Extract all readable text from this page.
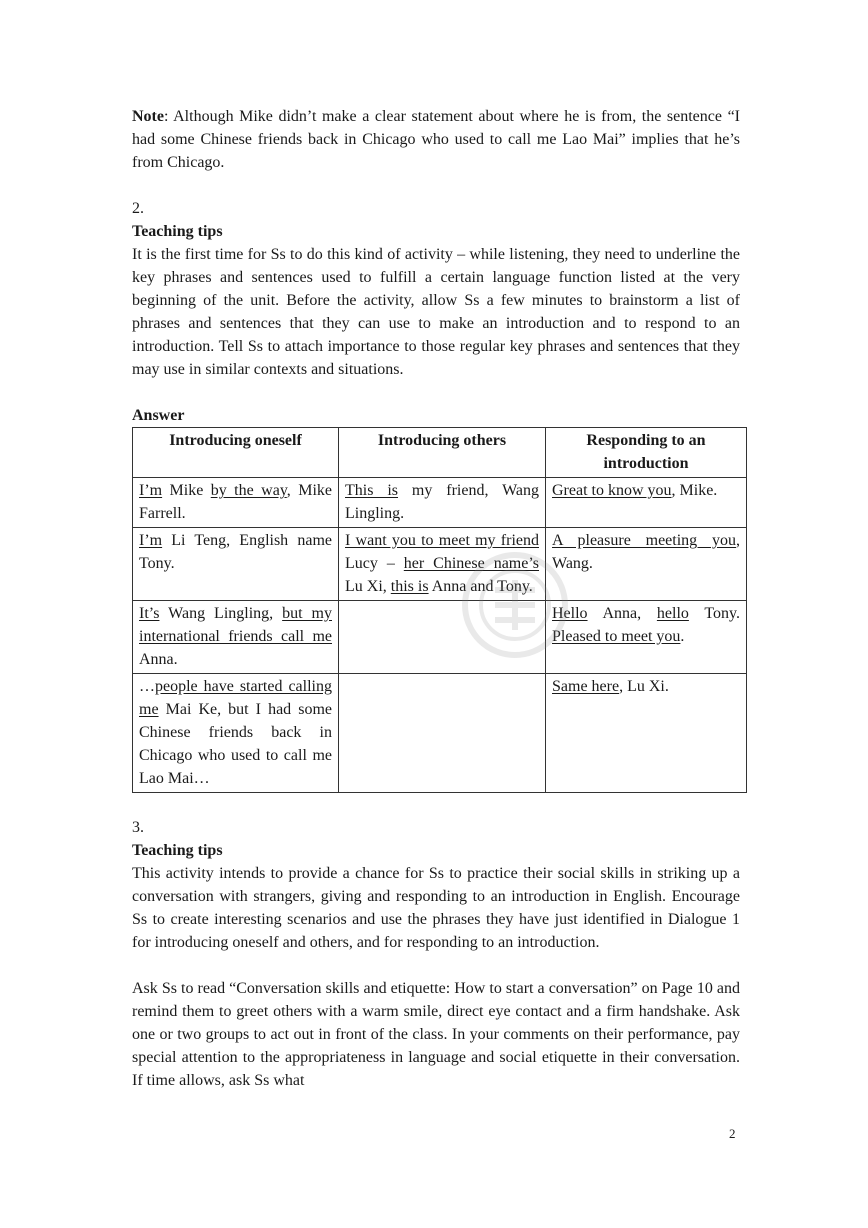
Note: Although Mike didn’t make a clear statement about where he is from, the sentence “I had some Chinese friends back in Chicago who used to call me Lao Mai” implies that he’s from Chicago.

2.

Teaching tips

It is the first time for Ss to do this kind of activity – while listening, they need to underline the key phrases and sentences used to fulfill a certain language function listed at the very beginning of the unit. Before the activity, allow Ss a few minutes to brainstorm a list of phrases and sentences that they can use to make an introduction and to respond to an introduction. Tell Ss to attach importance to those regular key phrases and sentences that they may use in similar contexts and situations.

Answer

Introducing oneself	Introducing others	Responding to an introduction
I’m Mike by the way, Mike Farrell.	This is my friend, Wang Lingling.	Great to know you, Mike.
I’m Li Teng, English name Tony.	I want you to meet my friend Lucy – her Chinese name’s Lu Xi, this is Anna and Tony.	A pleasure meeting you, Wang.
It’s Wang Lingling, but my international friends call me Anna.		Hello Anna, hello Tony. Pleased to meet you.
…people have started calling me Mai Ke, but I had some Chinese friends back in Chicago who used to call me Lao Mai…		Same here, Lu Xi.

3.

Teaching tips

This activity intends to provide a chance for Ss to practice their social skills in striking up a conversation with strangers, giving and responding to an introduction in English. Encourage Ss to create interesting scenarios and use the phrases they have just identified in Dialogue 1 for introducing oneself and others, and for responding to an introduction.

Ask Ss to read “Conversation skills and etiquette: How to start a conversation” on Page 10 and remind them to greet others with a warm smile, direct eye contact and a firm handshake. Ask one or two groups to act out in front of the class. In your comments on their performance, pay special attention to the appropriateness in language and social etiquette in their conversation. If time allows, ask Ss what

2
